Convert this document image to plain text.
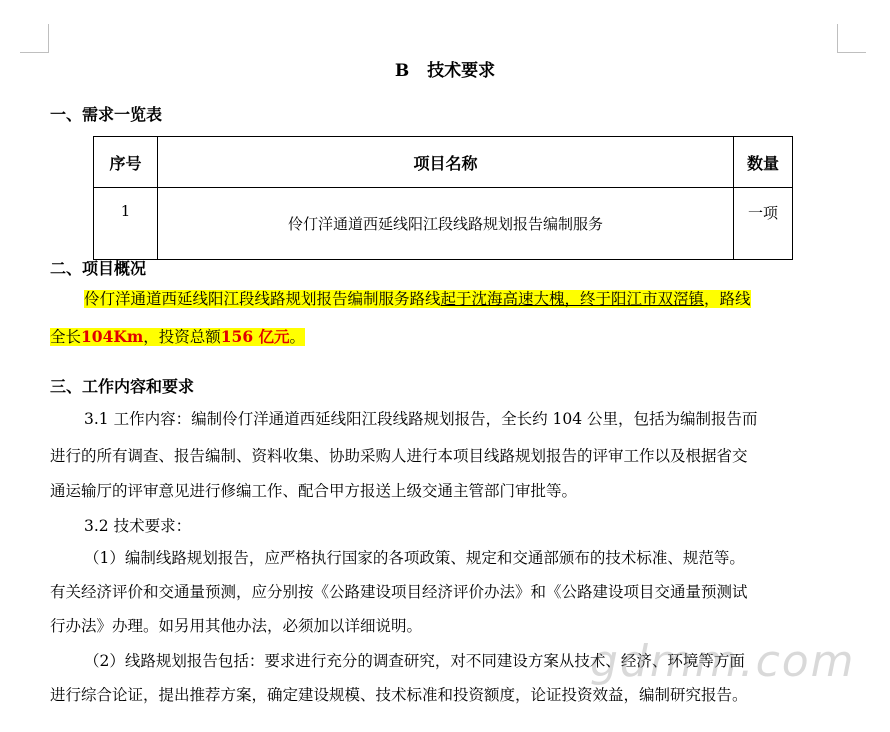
B 技术要求
一、需求一览表
序号	项目名称	数量
1	伶仃洋通道西延线阳江段线路规划报告编制服务	一项
二、项目概况
伶仃洋通道西延线阳江段线路规划报告编制服务路线起于沈海高速大槐，终于阳江市双滘镇，路线
全长104Km，投资总额156 亿元。
三、工作内容和要求
3.1 工作内容：编制伶仃洋通道西延线阳江段线路规划报告，全长约 104 公里，包括为编制报告而
进行的所有调查、报告编制、资料收集、协助采购人进行本项目线路规划报告的评审工作以及根据省交
通运输厅的评审意见进行修编工作、配合甲方报送上级交通主管部门审批等。
3.2 技术要求：
（1）编制线路规划报告，应严格执行国家的各项政策、规定和交通部颁布的技术标准、规范等。
有关经济评价和交通量预测，应分别按《公路建设项目经济评价办法》和《公路建设项目交通量预测试
行办法》办理。如另用其他办法，必须加以详细说明。
（2）线路规划报告包括：要求进行充分的调查研究，对不同建设方案从技术、经济、环境等方面
进行综合论证，提出推荐方案，确定建设规模、技术标准和投资额度，论证投资效益，编制研究报告。
gdmm.com
